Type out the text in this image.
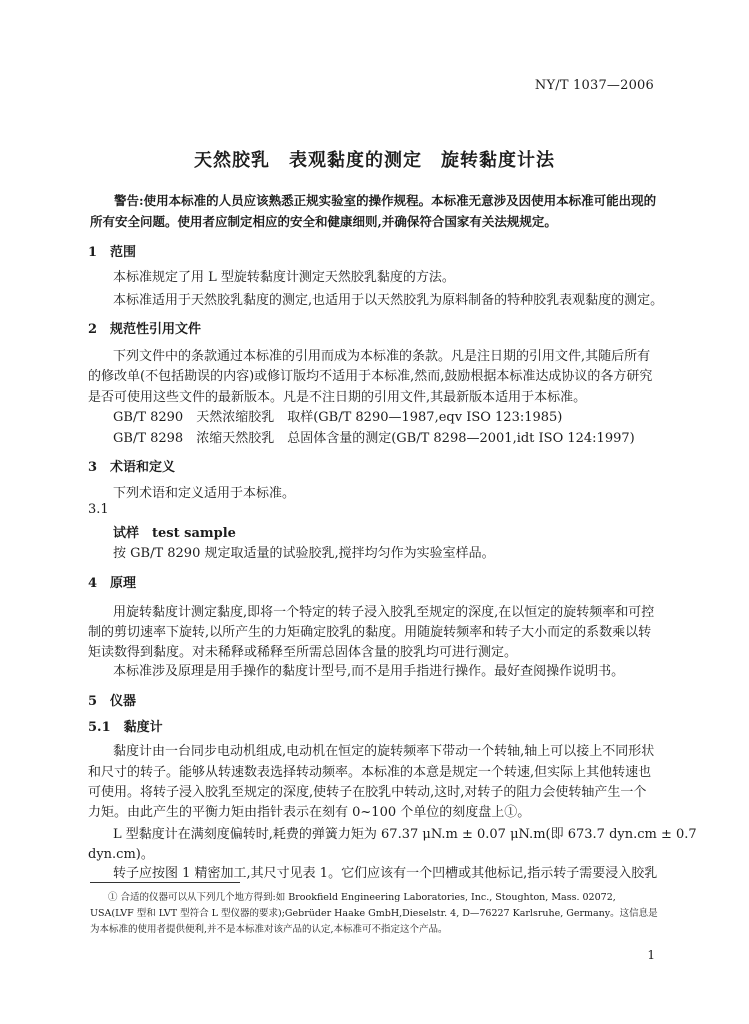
NY/T 1037—2006
天然胶乳　表观黏度的测定　旋转黏度计法
警告:使用本标准的人员应该熟悉正规实验室的操作规程。本标准无意涉及因使用本标准可能出现的所有安全问题。使用者应制定相应的安全和健康细则,并确保符合国家有关法规规定。
1　范围
本标准规定了用 L 型旋转黏度计测定天然胶乳黏度的方法。
本标准适用于天然胶乳黏度的测定,也适用于以天然胶乳为原料制备的特种胶乳表观黏度的测定。
2　规范性引用文件
下列文件中的条款通过本标准的引用而成为本标准的条款。凡是注日期的引用文件,其随后所有
的修改单(不包括勘误的内容)或修订版均不适用于本标准,然而,鼓励根据本标准达成协议的各方研究
是否可使用这些文件的最新版本。凡是不注日期的引用文件,其最新版本适用于本标准。
GB/T 8290　天然浓缩胶乳　取样(GB/T 8290—1987,eqv ISO 123:1985)
GB/T 8298　浓缩天然胶乳　总固体含量的测定(GB/T 8298—2001,idt ISO 124:1997)
3　术语和定义
下列术语和定义适用于本标准。
3.1
试样　test sample
按 GB/T 8290 规定取适量的试验胶乳,搅拌均匀作为实验室样品。
4　原理
用旋转黏度计测定黏度,即将一个特定的转子浸入胶乳至规定的深度,在以恒定的旋转频率和可控
制的剪切速率下旋转,以所产生的力矩确定胶乳的黏度。用随旋转频率和转子大小而定的系数乘以转
矩读数得到黏度。对未稀释或稀释至所需总固体含量的胶乳均可进行测定。
本标准涉及原理是用手操作的黏度计型号,而不是用手指进行操作。最好查阅操作说明书。
5　仪器
5.1　黏度计
黏度计由一台同步电动机组成,电动机在恒定的旋转频率下带动一个转轴,轴上可以接上不同形状
和尺寸的转子。能够从转速数表选择转动频率。本标准的本意是规定一个转速,但实际上其他转速也
可使用。将转子浸入胶乳至规定的深度,使转子在胶乳中转动,这时,对转子的阻力会使转轴产生一个
力矩。由此产生的平衡力矩由指针表示在刻有 0~100 个单位的刻度盘上①。
L 型黏度计在满刻度偏转时,耗费的弹簧力矩为 67.37 μN.m ± 0.07 μN.m(即 673.7 dyn.cm ± 0.7
dyn.cm)。
转子应按图 1 精密加工,其尺寸见表 1。它们应该有一个凹槽或其他标记,指示转子需要浸入胶乳
① 合适的仪器可以从下列几个地方得到:如 Brookfield Engineering Laboratories, Inc., Stoughton, Mass. 02072, USA(LVF 型和 LVT 型符合 L 型仪器的要求);Gebrüder Haake GmbH,Dieselstr. 4, D—76227 Karlsruhe, Germany。这信息是为本标准的使用者提供便利,并不是本标准对该产品的认定,本标准可不指定这个产品。
1
